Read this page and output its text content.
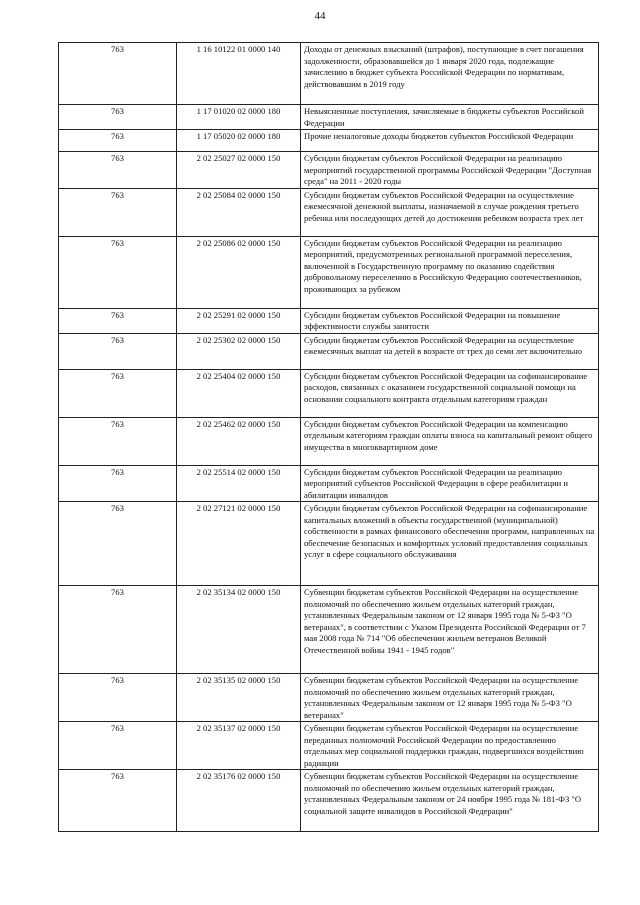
44
763	1 16 10122 01 0000 140	Доходы от денежных взысканий (штрафов), поступающие в счет погашения задолженности, образовавшейся до 1 января 2020 года, подлежащие зачислению в бюджет субъекта Российской Федерации по нормативам, действовавшим в 2019 году
763	1 17 01020 02 0000 180	Невыясненные поступления, зачисляемые в бюджеты субъектов Российской Федерации
763	1 17 05020 02 0000 180	Прочие неналоговые доходы бюджетов субъектов Российской Федерации
763	2 02 25027 02 0000 150	Субсидии бюджетам субъектов Российской Федерации на реализацию мероприятий государственной программы Российской Федерации "Доступная среда" на 2011 - 2020 годы
763	2 02 25084 02 0000 150	Субсидии бюджетам субъектов Российской Федерации на осуществление ежемесячной денежной выплаты, назначаемой в случае рождения третьего ребенка или последующих детей до достижения ребенком возраста трех лет
763	2 02 25086 02 0000 150	Субсидии бюджетам субъектов Российской Федерации на реализацию мероприятий, предусмотренных региональной программой переселения, включенной в Государственную программу по оказанию содействия добровольному переселению в Российскую Федерацию соотечественников, проживающих за рубежом
763	2 02 25291 02 0000 150	Субсидии бюджетам субъектов Российской Федерации на повышение эффективности службы занятости
763	2 02 25302 02 0000 150	Субсидии бюджетам субъектов Российской Федерации на осуществление ежемесячных выплат на детей в возрасте от трех до семи лет включительно
763	2 02 25404 02 0000 150	Субсидии бюджетам субъектов Российской Федерации на софинансирование расходов, связанных с оказанием государственной социальной помощи на основании социального контракта отдельным категориям граждан
763	2 02 25462 02 0000 150	Субсидии бюджетам субъектов Российской Федерации на компенсацию отдельным категориям граждан оплаты взноса на капитальный ремонт общего имущества в многоквартирном доме
763	2 02 25514 02 0000 150	Субсидии бюджетам субъектов Российской Федерации на реализацию мероприятий субъектов Российской Федерации в сфере реабилитации и абилитации инвалидов
763	2 02 27121 02 0000 150	Субсидии бюджетам субъектов Российской Федерации на софинансирование капитальных вложений в объекты государственной (муниципальной) собственности в рамках финансового обеспечения программ, направленных на обеспечение безопасных и комфортных условий предоставления социальных услуг в сфере социального обслуживания
763	2 02 35134 02 0000 150	Субвенции бюджетам субъектов Российской Федерации на осуществление полномочий по обеспечению жильем отдельных категорий граждан, установленных Федеральным законом от 12 января 1995 года № 5-ФЗ "О ветеранах", в соответствии с Указом Президента Российской Федерации от 7 мая 2008 года № 714 "Об обеспечении жильем ветеранов Великой Отечественной войны 1941 - 1945 годов"
763	2 02 35135 02 0000 150	Субвенции бюджетам субъектов Российской Федерации на осуществление полномочий по обеспечению жильем отдельных категорий граждан, установленных Федеральным законом от 12 января 1995 года № 5-ФЗ "О ветеранах"
763	2 02 35137 02 0000 150	Субвенции бюджетам субъектов Российской Федерации на осуществление переданных полномочий Российской Федерации по предоставлению отдельных мер социальной поддержки граждан, подвергшихся воздействию радиации
763	2 02 35176 02 0000 150	Субвенции бюджетам субъектов Российской Федерации на осуществление полномочий по обеспечению жильем отдельных категорий граждан, установленных Федеральным законом от 24 ноября 1995 года № 181-ФЗ "О социальной защите инвалидов в Российской Федерации"
